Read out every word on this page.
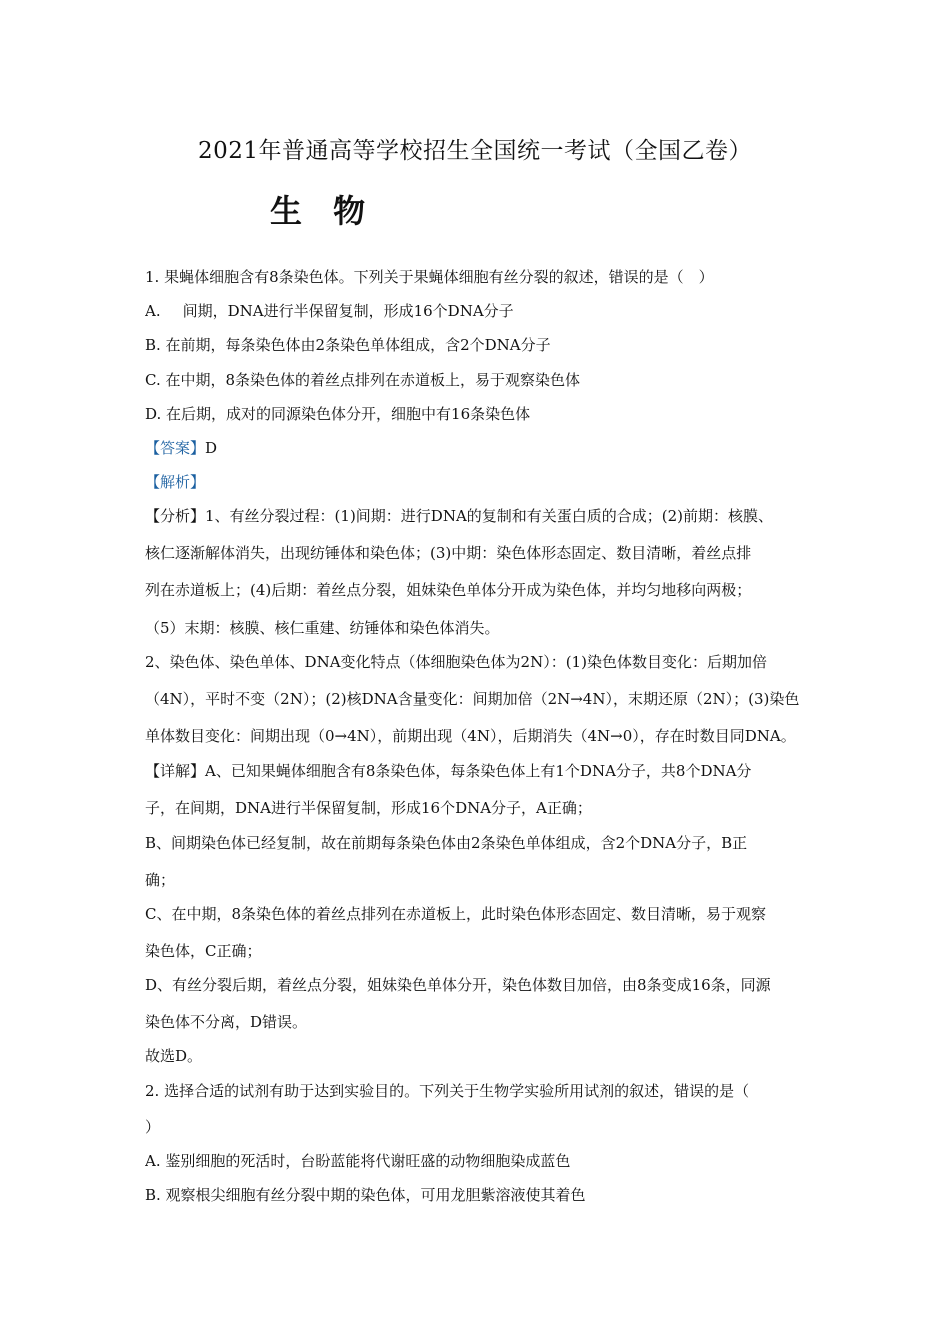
2021年普通高等学校招生全国统一考试（全国乙卷）
生 物
1. 果蝇体细胞含有8条染色体。下列关于果蝇体细胞有丝分裂的叙述，错误的是（　）
A. 间期，DNA进行半保留复制，形成16个DNA分子
B. 在前期，每条染色体由2条染色单体组成，含2个DNA分子
C. 在中期，8条染色体的着丝点排列在赤道板上，易于观察染色体
D. 在后期，成对的同源染色体分开，细胞中有16条染色体
【答案】D
【解析】
【分析】1、有丝分裂过程：(1)间期：进行DNA的复制和有关蛋白质的合成；(2)前期：核膜、
核仁逐渐解体消失，出现纺锤体和染色体；(3)中期：染色体形态固定、数目清晰，着丝点排
列在赤道板上；(4)后期：着丝点分裂，姐妹染色单体分开成为染色体，并均匀地移向两极；
（5）末期：核膜、核仁重建、纺锤体和染色体消失。
2、染色体、染色单体、DNA变化特点（体细胞染色体为2N）：(1)染色体数目变化：后期加倍
（4N），平时不变（2N）；(2)核DNA含量变化：间期加倍（2N→4N），末期还原（2N）；(3)染色
单体数目变化：间期出现（0→4N），前期出现（4N），后期消失（4N→0），存在时数目同DNA。
【详解】A、已知果蝇体细胞含有8条染色体，每条染色体上有1个DNA分子，共8个DNA分
子，在间期，DNA进行半保留复制，形成16个DNA分子，A正确；
B、间期染色体已经复制，故在前期每条染色体由2条染色单体组成，含2个DNA分子，B正
确；
C、在中期，8条染色体的着丝点排列在赤道板上，此时染色体形态固定、数目清晰，易于观察
染色体，C正确；
D、有丝分裂后期，着丝点分裂，姐妹染色单体分开，染色体数目加倍，由8条变成16条，同源
染色体不分离，D错误。
故选D。
2. 选择合适的试剂有助于达到实验目的。下列关于生物学实验所用试剂的叙述，错误的是（
）
A. 鉴别细胞的死活时，台盼蓝能将代谢旺盛的动物细胞染成蓝色
B. 观察根尖细胞有丝分裂中期的染色体，可用龙胆紫溶液使其着色
